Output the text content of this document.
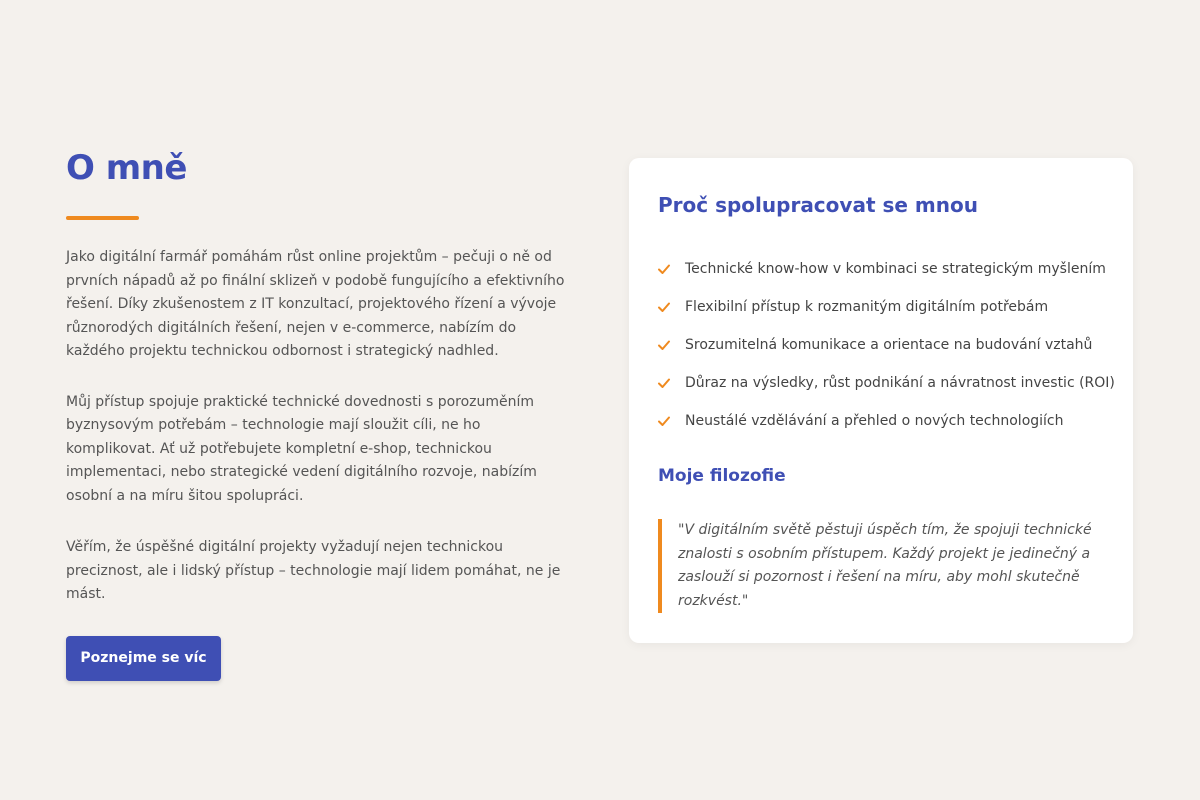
O mně

Jako digitální farmář pomáhám růst online projektům – pečuji o ně od prvních nápadů až po finální sklizeň v podobě fungujícího a efektivního řešení. Díky zkušenostem z IT konzultací, projektového řízení a vývoje různorodých digitálních řešení, nejen v e-commerce, nabízím do každého projektu technickou odbornost i strategický nadhled.

Můj přístup spojuje praktické technické dovednosti s porozuměním byznysovým potřebám – technologie mají sloužit cíli, ne ho komplikovat. Ať už potřebujete kompletní e-shop, technickou implementaci, nebo strategické vedení digitálního rozvoje, nabízím osobní a na míru šitou spolupráci.

Věřím, že úspěšné digitální projekty vyžadují nejen technickou preciznost, ale i lidský přístup – technologie mají lidem pomáhat, ne je mást.

Poznejme se víc
Proč spolupracovat se mnou
Technické know-how v kombinaci se strategickým myšlením
Flexibilní přístup k rozmanitým digitálním potřebám
Srozumitelná komunikace a orientace na budování vztahů
Důraz na výsledky, růst podnikání a návratnost investic (ROI)
Neustálé vzdělávání a přehled o nových technologiích
Moje filozofie
"V digitálním světě pěstuji úspěch tím, že spojuji technické znalosti s osobním přístupem. Každý projekt je jedinečný a zaslouží si pozornost i řešení na míru, aby mohl skutečně rozkvést."
